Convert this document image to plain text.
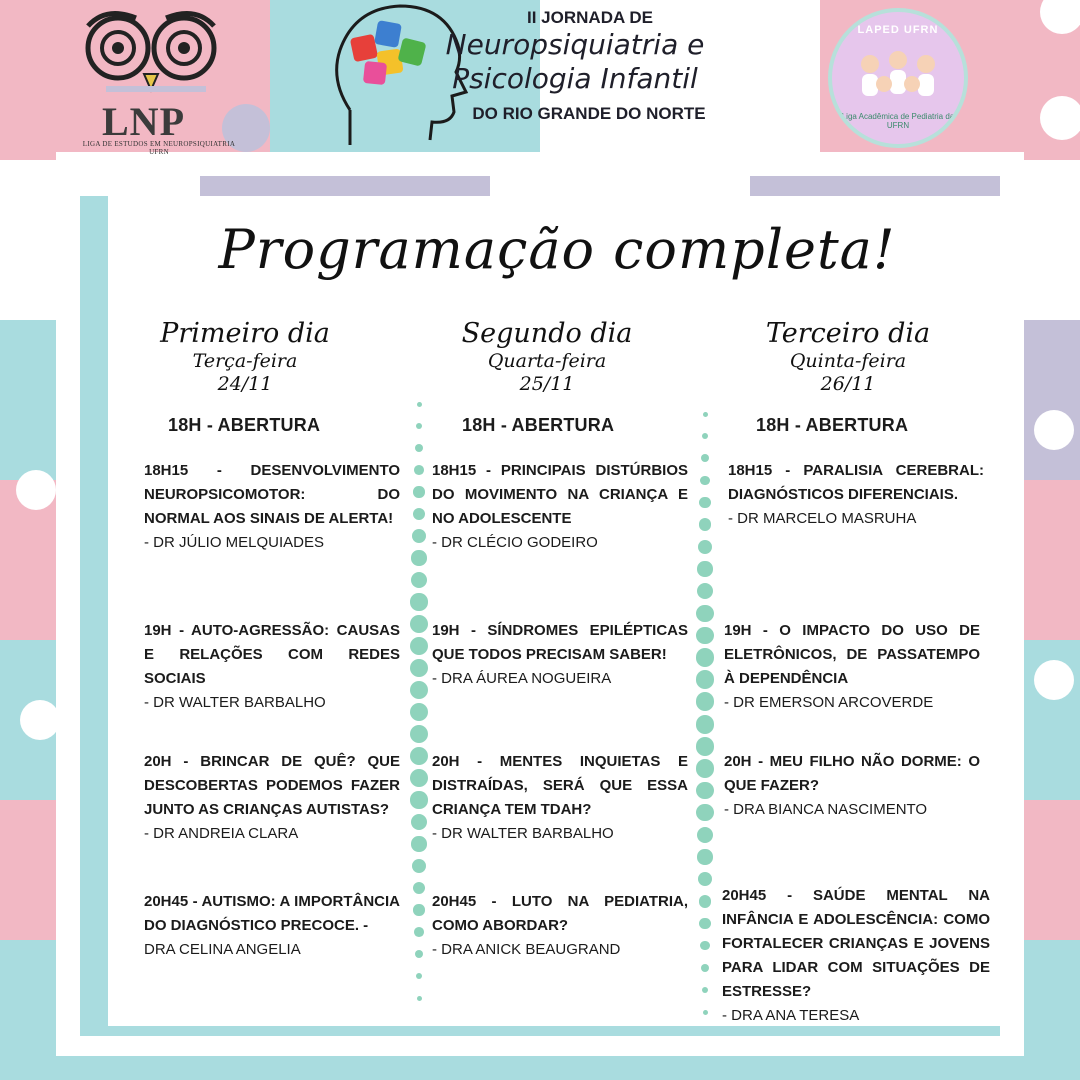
LNP
LIGA DE ESTUDOS EM NEUROPSIQUIATRIA UFRN
II JORNADA DE
Neuropsiquiatria e
Psicologia Infantil
DO RIO GRANDE DO NORTE
LAPED UFRN
Liga Acadêmica de Pediatria da UFRN
Programação completa!
Primeiro dia
Terça-feira
24/11
18H - ABERTURA
18H15 - DESENVOLVIMENTO NEUROPSICOMOTOR: DO NORMAL AOS SINAIS DE ALERTA!
- DR JÚLIO MELQUIADES
19H - AUTO-AGRESSÃO: CAUSAS E RELAÇÕES COM REDES SOCIAIS
- DR WALTER BARBALHO
20H - BRINCAR DE QUÊ? QUE DESCOBERTAS PODEMOS FAZER JUNTO AS CRIANÇAS AUTISTAS?
- DR ANDREIA CLARA
20H45 - AUTISMO: A IMPORTÂNCIA DO DIAGNÓSTICO PRECOCE. -
DRA CELINA ANGELIA
Segundo dia
Quarta-feira
25/11
18H - ABERTURA
18H15 - PRINCIPAIS DISTÚRBIOS DO MOVIMENTO NA CRIANÇA E NO ADOLESCENTE
- DR CLÉCIO GODEIRO
19H - SÍNDROMES EPILÉPTICAS QUE TODOS PRECISAM SABER!
- DRA ÁUREA NOGUEIRA
20H - MENTES INQUIETAS E DISTRAÍDAS, SERÁ QUE ESSA CRIANÇA TEM TDAH?
- DR WALTER BARBALHO
20H45 - LUTO NA PEDIATRIA, COMO ABORDAR?
- DRA ANICK BEAUGRAND
Terceiro dia
Quinta-feira
26/11
18H - ABERTURA
18H15 - PARALISIA CEREBRAL: DIAGNÓSTICOS DIFERENCIAIS.
- DR MARCELO MASRUHA
19H - O IMPACTO DO USO DE ELETRÔNICOS, DE PASSATEMPO À DEPENDÊNCIA
- DR EMERSON ARCOVERDE
20H - MEU FILHO NÃO DORME: O QUE FAZER?
- DRA BIANCA NASCIMENTO
20H45 - SAÚDE MENTAL NA INFÂNCIA E ADOLESCÊNCIA: COMO FORTALECER CRIANÇAS E JOVENS PARA LIDAR COM SITUAÇÕES DE ESTRESSE?
- DRA ANA TERESA
